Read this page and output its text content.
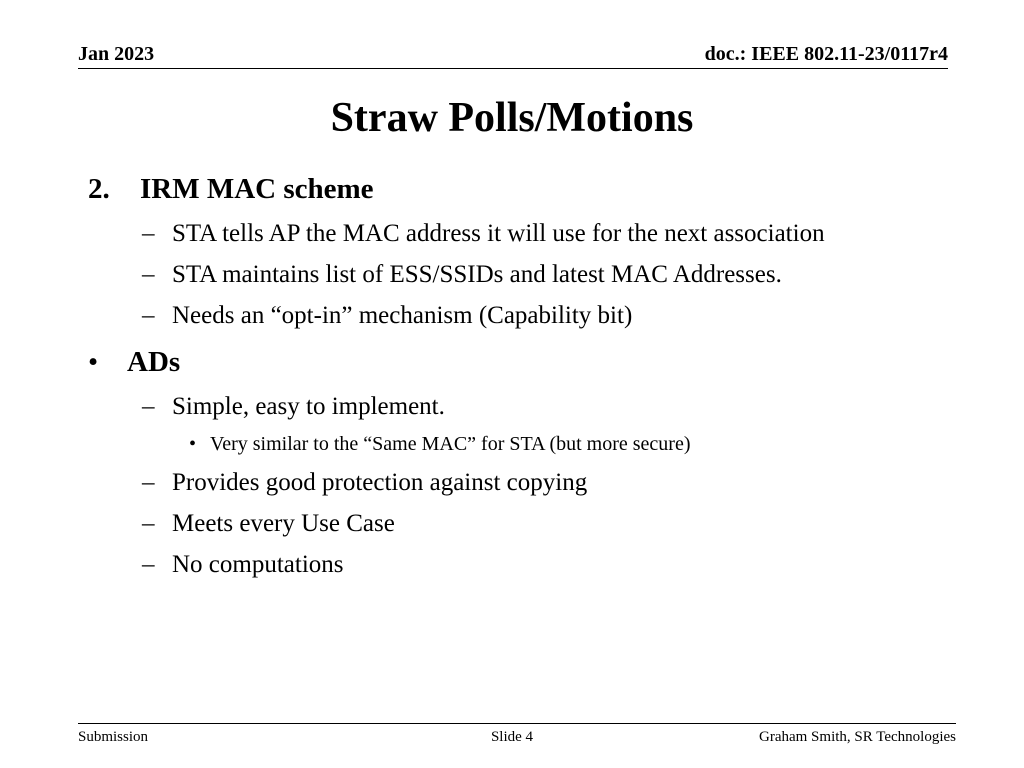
Jan 2023	doc.: IEEE 802.11-23/0117r4
Straw Polls/Motions
2. IRM MAC scheme
– STA tells AP the MAC address it will use for the next association
– STA maintains list of ESS/SSIDs and latest MAC Addresses.
– Needs an “opt-in” mechanism (Capability bit)
• ADs
– Simple, easy to implement.
• Very similar to the “Same MAC” for STA (but more secure)
– Provides good protection against copying
– Meets every Use Case
– No computations
Submission	Slide 4	Graham Smith, SR Technologies
